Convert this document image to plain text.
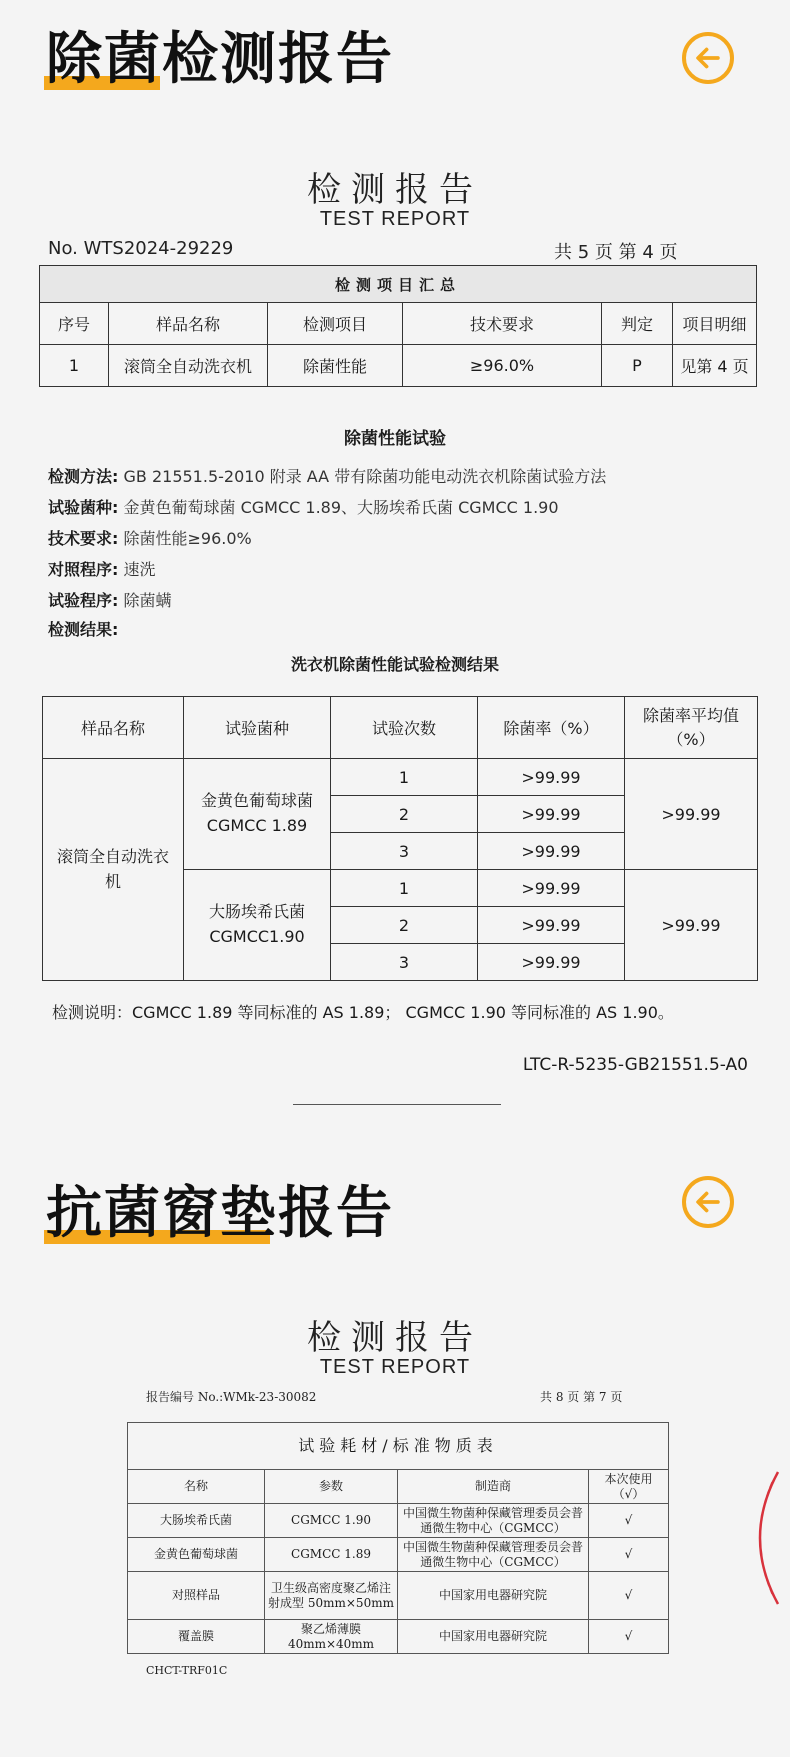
除菌检测报告
检测报告
TEST REPORT
No. WTS2024-29229	共 5 页 第 4 页
检测项目汇总					
序号	样品名称	检测项目	技术要求	判定	项目明细
1	滚筒全自动洗衣机	除菌性能	≥96.0%	P	见第 4 页
除菌性能试验
检测方法: GB 21551.5-2010 附录 AA 带有除菌功能电动洗衣机除菌试验方法
试验菌种: 金黄色葡萄球菌 CGMCC 1.89、大肠埃希氏菌 CGMCC 1.90
技术要求: 除菌性能≥96.0%
对照程序: 速洗
试验程序: 除菌螨
检测结果:
洗衣机除菌性能试验检测结果
样品名称	试验菌种	试验次数	除菌率（%）	除菌率平均值（%）
滚筒全自动洗衣机	金黄色葡萄球菌 CGMCC 1.89	1	>99.99	>99.99
		2	>99.99	
		3	>99.99	
	大肠埃希氏菌 CGMCC1.90	1	>99.99	>99.99
		2	>99.99	
		3	>99.99	
检测说明：CGMCC 1.89 等同标准的 AS 1.89； CGMCC 1.90 等同标准的 AS 1.90。
LTC-R-5235-GB21551.5-A0
抗菌窗垫报告
检测报告
TEST REPORT
报告编号 No.:WMk-23-30082	共 8 页 第 7 页
试验耗材/标准物质表			
名称	参数	制造商	本次使用（√）
大肠埃希氏菌	CGMCC 1.90	中国微生物菌种保藏管理委员会普通微生物中心（CGMCC）	√
金黄色葡萄球菌	CGMCC 1.89	中国微生物菌种保藏管理委员会普通微生物中心（CGMCC）	√
对照样品	卫生级高密度聚乙烯注射成型 50mm×50mm	中国家用电器研究院	√
覆盖膜	聚乙烯薄膜 40mm×40mm	中国家用电器研究院	√
CHCT-TRF01C
